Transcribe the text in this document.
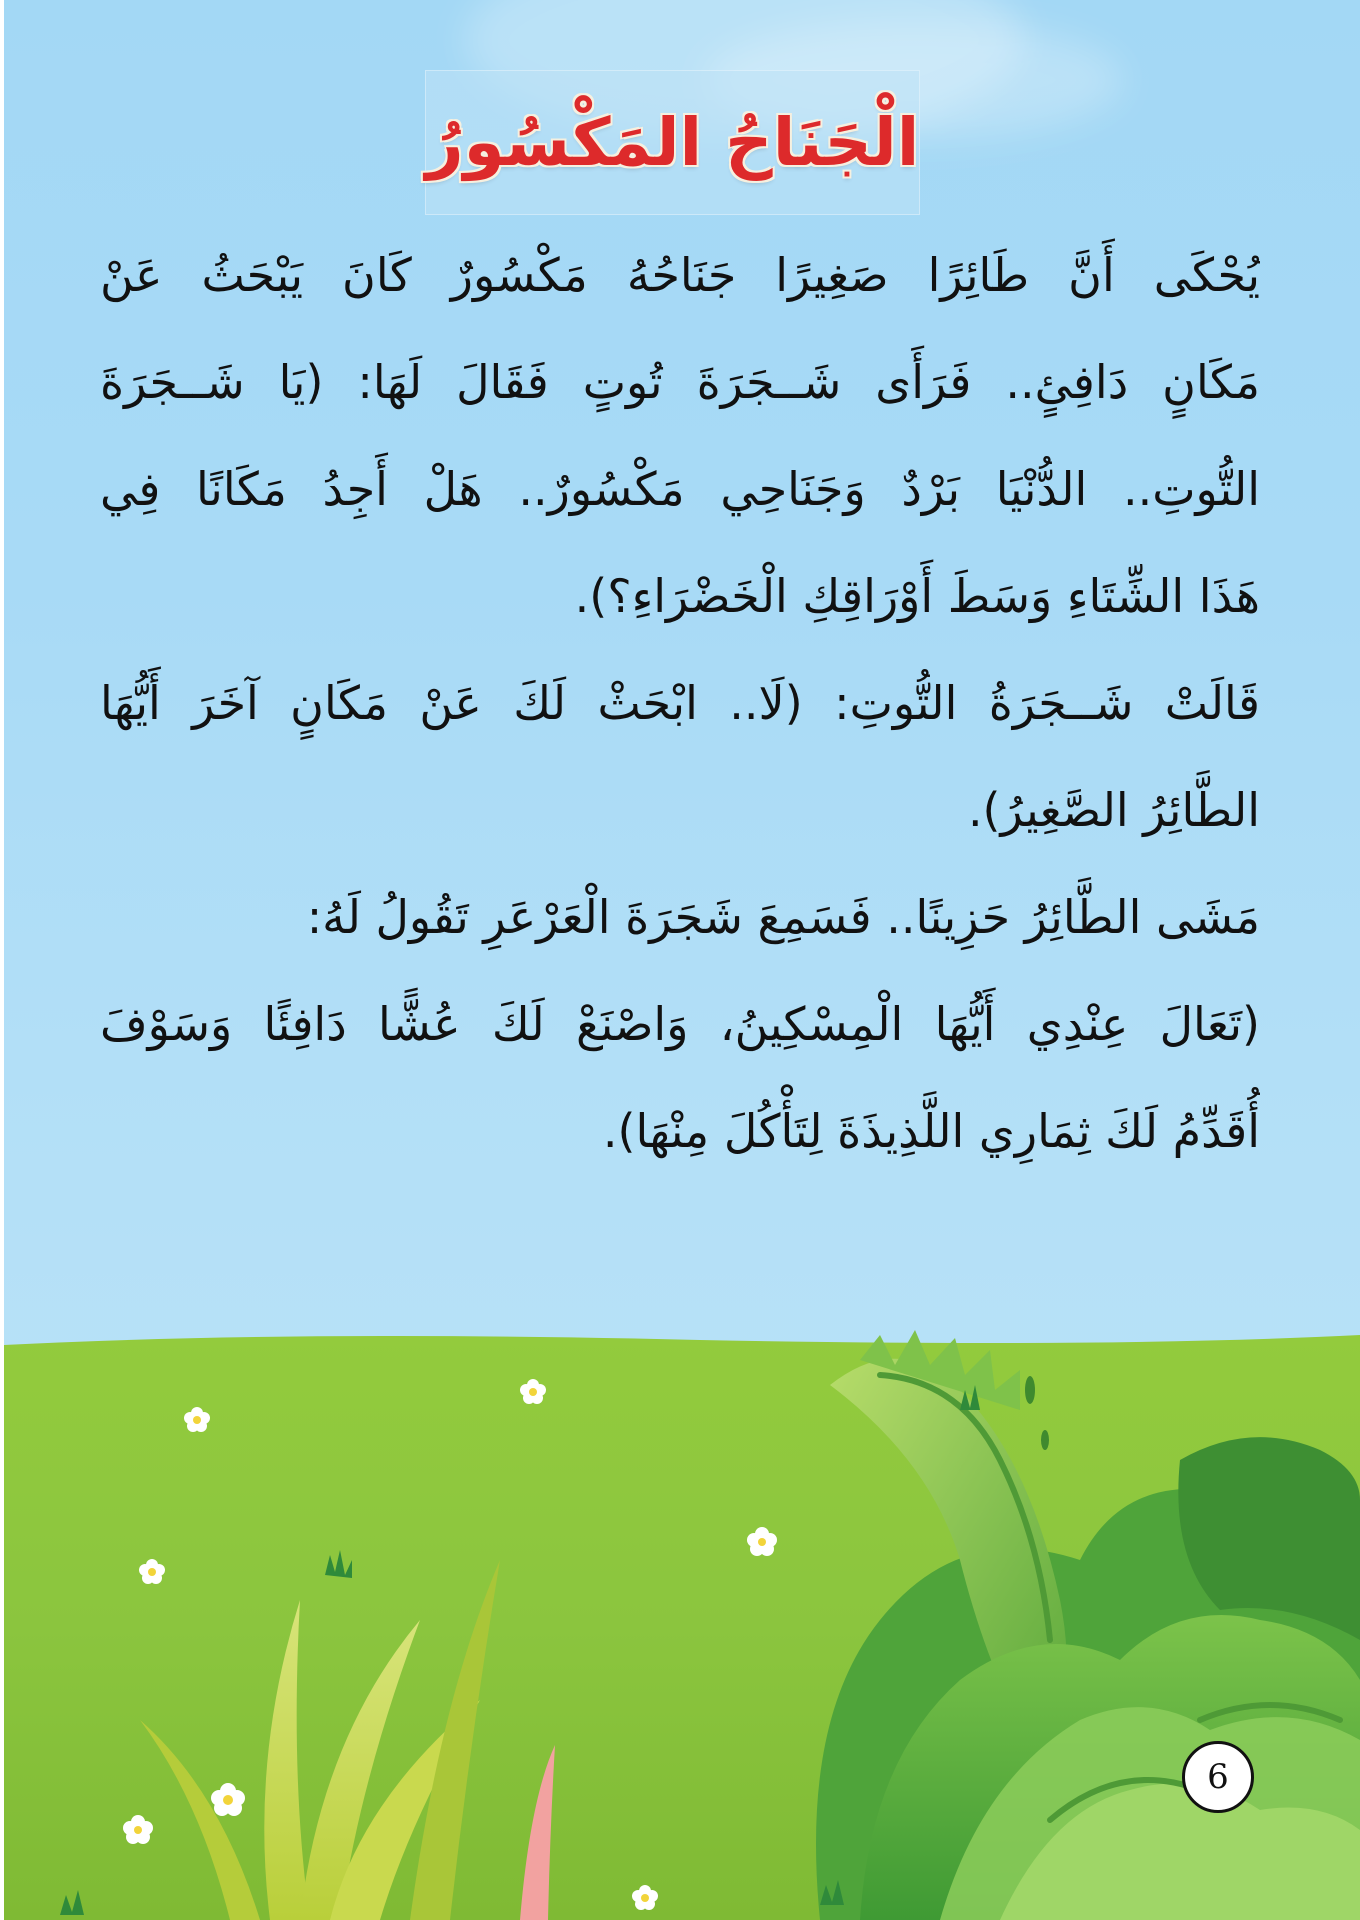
الْجَنَاحُ المَكْسُورُ
يُحْكَى أَنَّ طَائِرًا صَغِيرًا جَنَاحُهُ مَكْسُورٌ كَانَ يَبْحَثُ عَنْ
مَكَانٍ دَافِئٍ.. فَرَأَى شَــجَرَةَ تُوتٍ فَقَالَ لَهَا: (يَا شَــجَرَةَ
التُّوتِ.. الدُّنْيَا بَرْدٌ وَجَنَاحِي مَكْسُورٌ.. هَلْ أَجِدُ مَكَانًا فِي
هَذَا الشِّتَاءِ وَسَطَ أَوْرَاقِكِ الْخَضْرَاءِ؟).
قَالَتْ شَــجَرَةُ التُّوتِ: (لَا.. ابْحَثْ لَكَ عَنْ مَكَانٍ آخَرَ أَيُّهَا
الطَّائِرُ الصَّغِيرُ).
مَشَى الطَّائِرُ حَزِينًا.. فَسَمِعَ شَجَرَةَ الْعَرْعَرِ تَقُولُ لَهُ:
(تَعَالَ عِنْدِي أَيُّهَا الْمِسْكِينُ، وَاصْنَعْ لَكَ عُشًّا دَافِئًا وَسَوْفَ
أُقَدِّمُ لَكَ ثِمَارِي اللَّذِيذَةَ لِتَأْكُلَ مِنْهَا).
6
